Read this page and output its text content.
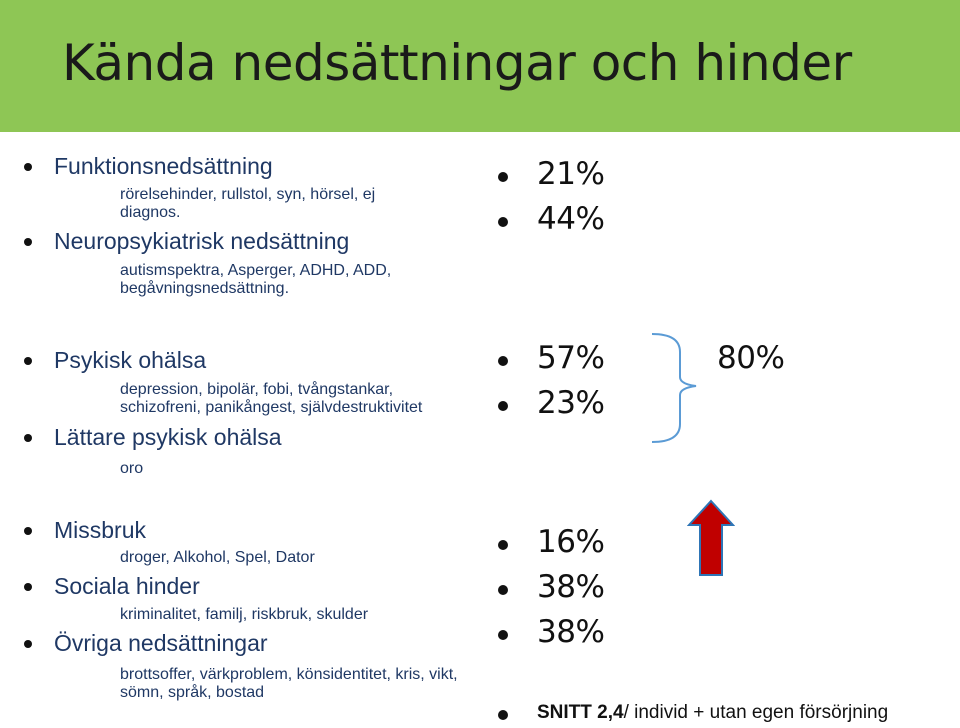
Kända nedsättningar och hinder
Funktionsnedsättning
rörelsehinder, rullstol, syn, hörsel, ej diagnos.
Neuropsykiatrisk nedsättning
autismspektra, Asperger, ADHD, ADD, begåvningsnedsättning.
Psykisk ohälsa
depression, bipolär, fobi, tvångstankar, schizofreni, panikångest, självdestruktivitet
Lättare psykisk ohälsa
oro
Missbruk
droger, Alkohol, Spel, Dator
Sociala hinder
kriminalitet, familj, riskbruk, skulder
Övriga nedsättningar
brottsoffer, värkproblem, könsidentitet, kris, vikt, sömn, språk, bostad
21%
44%
57%
23%
16%
38%
38%
80%
SNITT 2,4/ individ + utan egen försörjning
